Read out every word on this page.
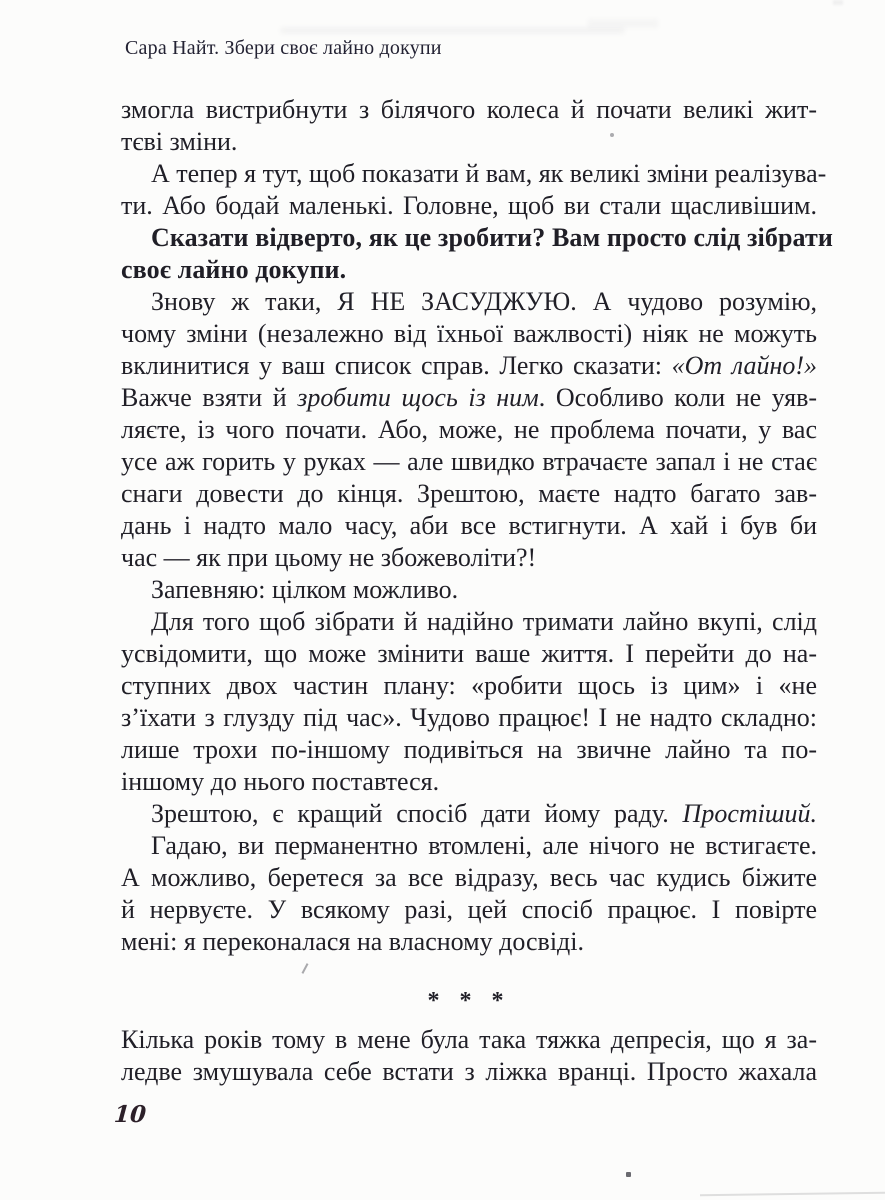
Сара Найт. Збери своє лайно докупи
змогла вистрибнути з білячого колеса й почати великі жит-
тєві зміни.
А тепер я тут, щоб показати й вам, як великі зміни реалізува-
ти. Або бодай маленькі. Головне, щоб ви стали щасливішим.
Сказати відверто, як це зробити? Вам просто слід зібрати
своє лайно докупи.
Знову ж таки, Я НЕ ЗАСУДЖУЮ. А чудово розумію,
чому зміни (незалежно від їхньої важлвості) ніяк не можуть
вклинитися у ваш список справ. Легко сказати: «От лайно!»
Важче взяти й зробити щось із ним. Особливо коли не уяв-
ляєте, із чого почати. Або, може, не проблема почати, у вас
усе аж горить у руках — але швидко втрачаєте запал і не стає
снаги довести до кінця. Зрештою, маєте надто багато зав-
дань і надто мало часу, аби все встигнути. А хай і був би
час — як при цьому не збожеволіти?!
Запевняю: цілком можливо.
Для того щоб зібрати й надійно тримати лайно вкупі, слід
усвідомити, що може змінити ваше життя. І перейти до на-
ступних двох частин плану: «робити щось із цим» і «не
з’їхати з глузду під час». Чудово працює! І не надто складно:
лише трохи по-іншому подивіться на звичне лайно та по-
іншому до нього поставтеся.
Зрештою, є кращий спосіб дати йому раду. Простіший.
Гадаю, ви перманентно втомлені, але нічого не встигаєте.
А можливо, беретеся за все відразу, весь час кудись біжите
й нервуєте. У всякому разі, цей спосіб працює. І повірте
мені: я переконалася на власному досвіді.
* * *
Кілька років тому в мене була така тяжка депресія, що я за-
ледве змушувала себе встати з ліжка вранці. Просто жахала
10
